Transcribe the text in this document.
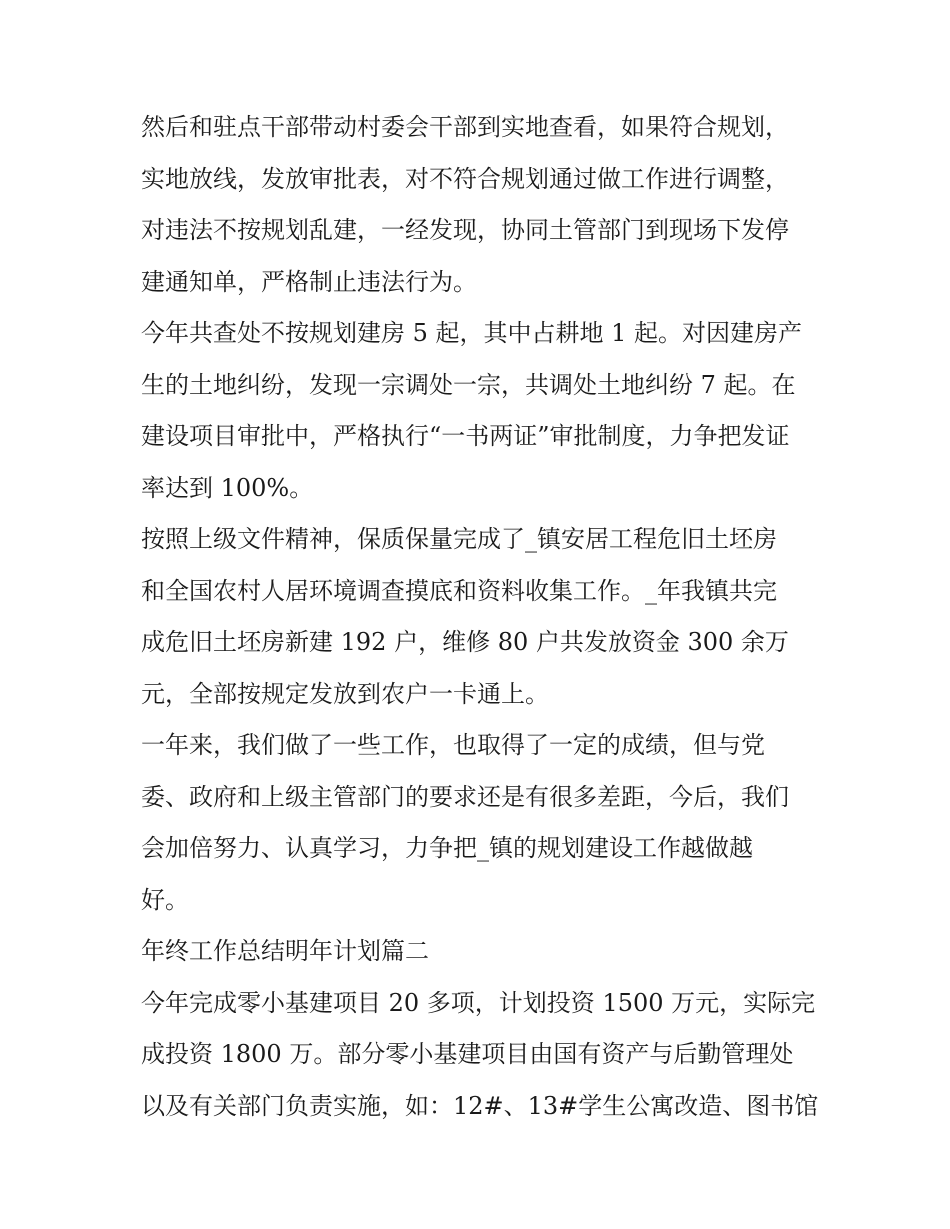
然后和驻点干部带动村委会干部到实地查看，如果符合规划，
实地放线，发放审批表，对不符合规划通过做工作进行调整，
对违法不按规划乱建，一经发现，协同土管部门到现场下发停
建通知单，严格制止违法行为。
今年共查处不按规划建房 5 起，其中占耕地 1 起。对因建房产
生的土地纠纷，发现一宗调处一宗，共调处土地纠纷 7 起。在
建设项目审批中，严格执行“一书两证”审批制度，力争把发证
率达到 100%。
按照上级文件精神，保质保量完成了_镇安居工程危旧土坯房
和全国农村人居环境调查摸底和资料收集工作。_年我镇共完
成危旧土坯房新建 192 户，维修 80 户共发放资金 300 余万
元，全部按规定发放到农户一卡通上。
一年来，我们做了一些工作，也取得了一定的成绩，但与党
委、政府和上级主管部门的要求还是有很多差距，今后，我们
会加倍努力、认真学习，力争把_镇的规划建设工作越做越
好。
年终工作总结明年计划篇二
今年完成零小基建项目 20 多项，计划投资 1500 万元，实际完
成投资 1800 万。部分零小基建项目由国有资产与后勤管理处
以及有关部门负责实施，如：12#、13#学生公寓改造、图书馆
